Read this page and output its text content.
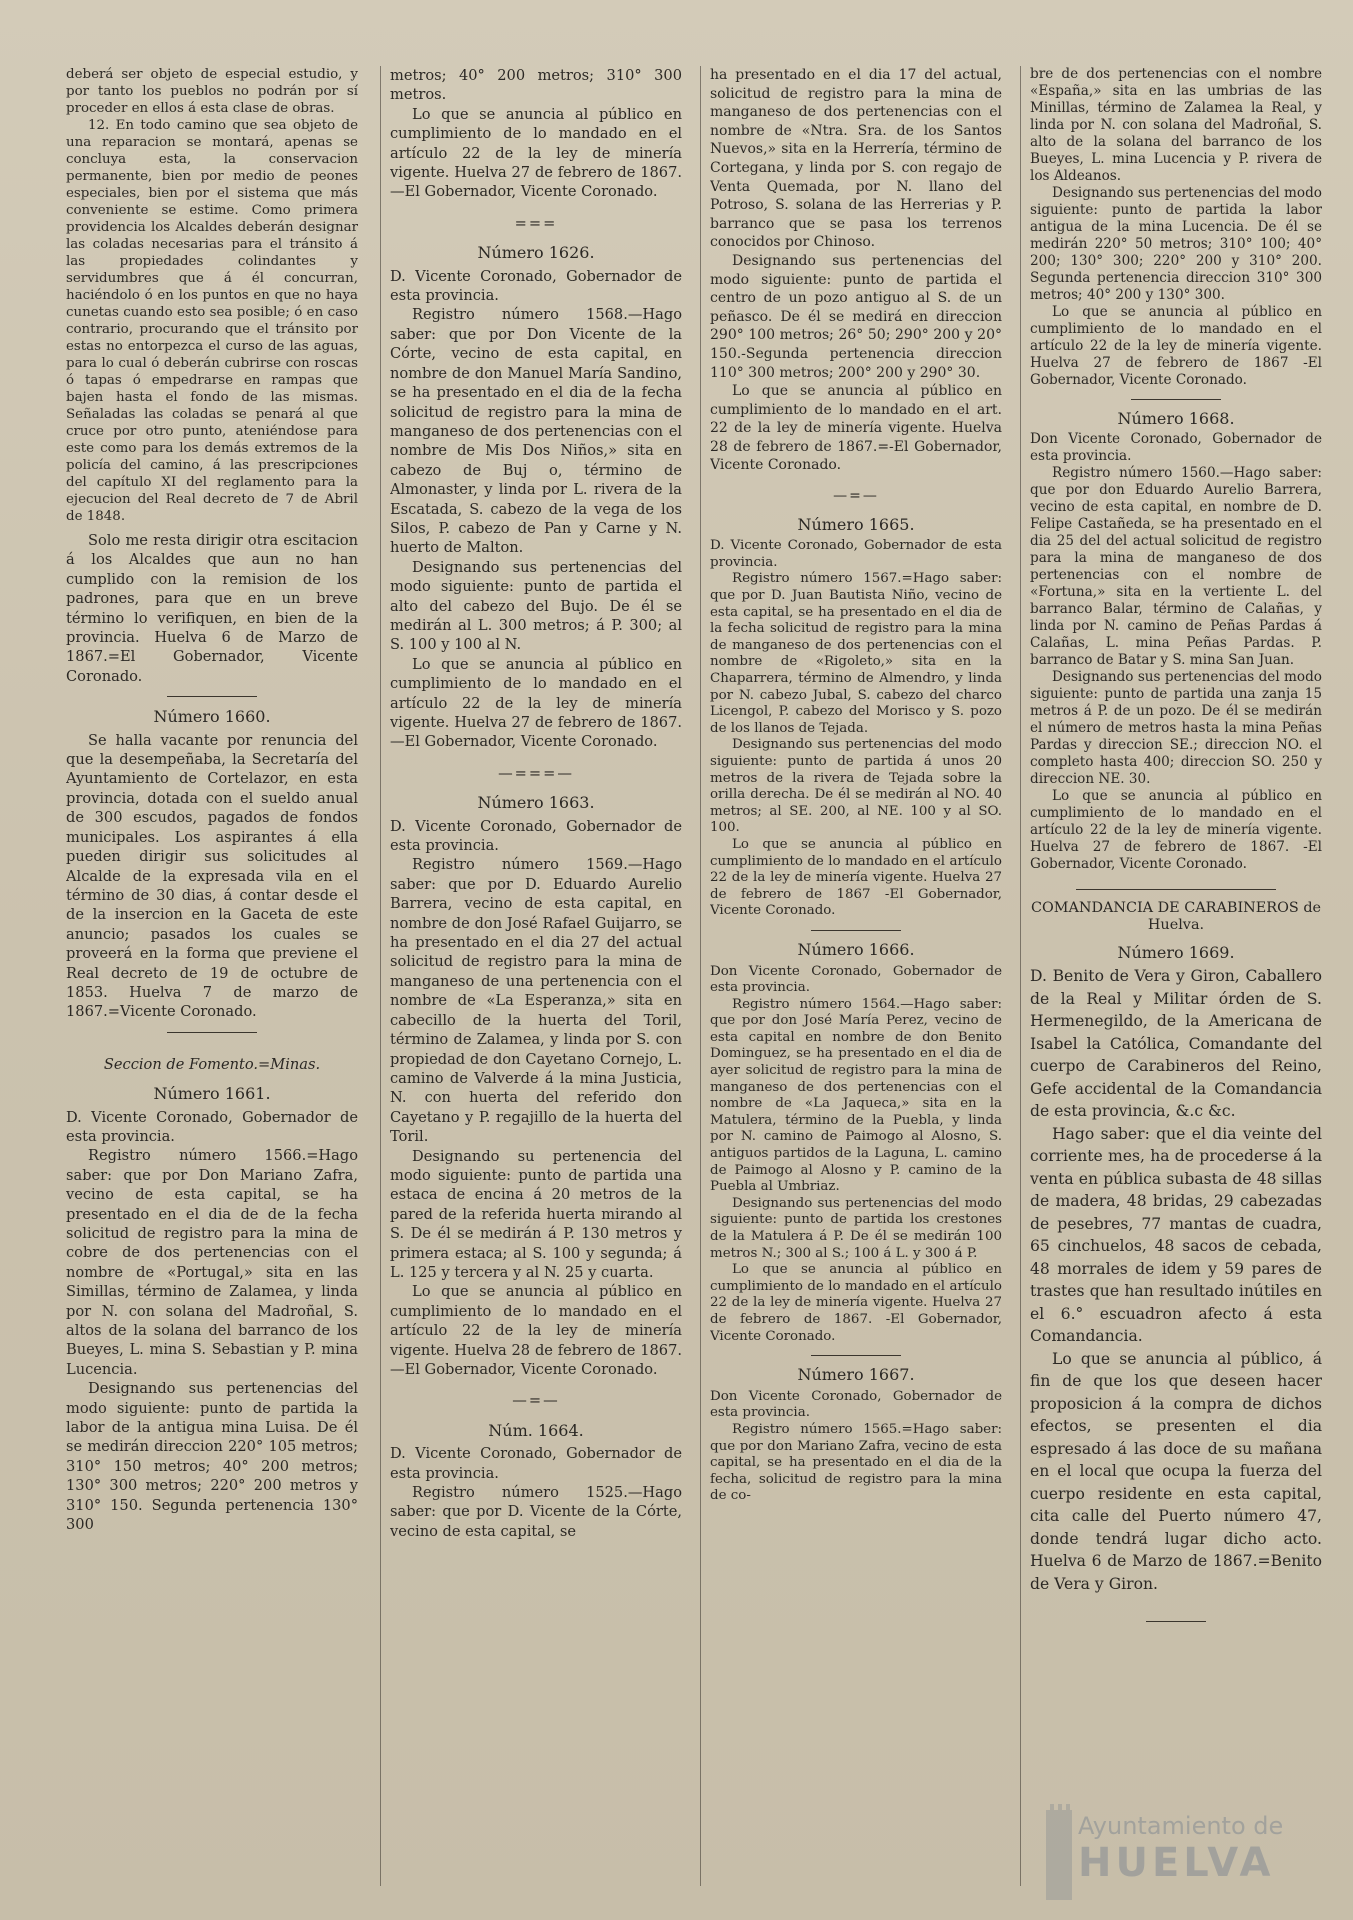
deberá ser objeto de especial estudio, y por tanto los pueblos no podrán por sí proceder en ellos á esta clase de obras.

12. En todo camino que sea objeto de una reparacion se montará, apenas se concluya esta, la conservacion permanente, bien por medio de peones especiales, bien por el sistema que más conveniente se estime. Como primera providencia los Alcaldes deberán designar las coladas necesarias para el tránsito á las propiedades colindantes y servidumbres que á él concurran, haciéndolo ó en los puntos en que no haya cunetas cuando esto sea posible; ó en caso contrario, procurando que el tránsito por estas no entorpezca el curso de las aguas, para lo cual ó deberán cubrirse con roscas ó tapas ó empedrarse en rampas que bajen hasta el fondo de las mismas. Señaladas las coladas se penará al que cruce por otro punto, ateniéndose para este como para los demás extremos de la policía del camino, á las prescripciones del capítulo XI del reglamento para la ejecucion del Real decreto de 7 de Abril de 1848.

Solo me resta dirigir otra escitacion á los Alcaldes que aun no han cumplido con la remision de los padrones, para que en un breve término lo verifiquen, en bien de la provincia. Huelva 6 de Marzo de 1867.=El Gobernador, Vicente Coronado.

Número 1660.

Se halla vacante por renuncia del que la desempeñaba, la Secretaría del Ayuntamiento de Cortelazor, en esta provincia, dotada con el sueldo anual de 300 escudos, pagados de fondos municipales. Los aspirantes á ella pueden dirigir sus solicitudes al Alcalde de la expresada vila en el término de 30 dias, á contar desde el de la insercion en la Gaceta de este anuncio; pasados los cuales se proveerá en la forma que previene el Real decreto de 19 de octubre de 1853. Huelva 7 de marzo de 1867.=Vicente Coronado.

Seccion de Fomento.=Minas.

Número 1661.

D. Vicente Coronado, Gobernador de esta provincia.

Registro número 1566.=Hago saber: que por Don Mariano Zafra, vecino de esta capital, se ha presentado en el dia de de la fecha solicitud de registro para la mina de cobre de dos pertenencias con el nombre de «Portugal,» sita en las Simillas, término de Zalamea, y linda por N. con solana del Madroñal, S. altos de la solana del barranco de los Bueyes, L. mina S. Sebastian y P. mina Lucencia.

Designando sus pertenencias del modo siguiente: punto de partida la labor de la antigua mina Luisa. De él se medirán direccion 220° 105 metros; 310° 150 metros; 40° 200 metros; 130° 300 metros; 220° 200 metros y 310° 150. Segunda pertenencia 130° 300

metros; 40° 200 metros; 310° 300 metros.

Lo que se anuncia al público en cumplimiento de lo mandado en el artículo 22 de la ley de minería vigente. Huelva 27 de febrero de 1867.—El Gobernador, Vicente Coronado.

===

Número 1626.

D. Vicente Coronado, Gobernador de esta provincia.

Registro número 1568.—Hago saber: que por Don Vicente de la Córte, vecino de esta capital, en nombre de don Manuel María Sandino, se ha presentado en el dia de la fecha solicitud de registro para la mina de manganeso de dos pertenencias con el nombre de Mis Dos Niños,» sita en cabezo de Buj o, término de Almonaster, y linda por L. rivera de la Escatada, S. cabezo de la vega de los Silos, P. cabezo de Pan y Carne y N. huerto de Malton.

Designando sus pertenencias del modo siguiente: punto de partida el alto del cabezo del Bujo. De él se medirán al L. 300 metros; á P. 300; al S. 100 y 100 al N.

Lo que se anuncia al público en cumplimiento de lo mandado en el artículo 22 de la ley de minería vigente. Huelva 27 de febrero de 1867.—El Gobernador, Vicente Coronado.

—===—

Número 1663.

D. Vicente Coronado, Gobernador de esta provincia.

Registro número 1569.—Hago saber: que por D. Eduardo Aurelio Barrera, vecino de esta capital, en nombre de don José Rafael Guijarro, se ha presentado en el dia 27 del actual solicitud de registro para la mina de manganeso de una pertenencia con el nombre de «La Esperanza,» sita en cabecillo de la huerta del Toril, término de Zalamea, y linda por S. con propiedad de don Cayetano Cornejo, L. camino de Valverde á la mina Justicia, N. con huerta del referido don Cayetano y P. regajillo de la huerta del Toril.

Designando su pertenencia del modo siguiente: punto de partida una estaca de encina á 20 metros de la pared de la referida huerta mirando al S. De él se medirán á P. 130 metros y primera estaca; al S. 100 y segunda; á L. 125 y tercera y al N. 25 y cuarta.

Lo que se anuncia al público en cumplimiento de lo mandado en el artículo 22 de la ley de minería vigente. Huelva 28 de febrero de 1867.—El Gobernador, Vicente Coronado.

—=—

Núm. 1664.

D. Vicente Coronado, Gobernador de esta provincia.

Registro número 1525.—Hago saber: que por D. Vicente de la Córte, vecino de esta capital, se

ha presentado en el dia 17 del actual, solicitud de registro para la mina de manganeso de dos pertenencias con el nombre de «Ntra. Sra. de los Santos Nuevos,» sita en la Herrería, término de Cortegana, y linda por S. con regajo de Venta Quemada, por N. llano del Potroso, S. solana de las Herrerias y P. barranco que se pasa los terrenos conocidos por Chinoso.

Designando sus pertenencias del modo siguiente: punto de partida el centro de un pozo antiguo al S. de un peñasco. De él se medirá en direccion 290° 100 metros; 26° 50; 290° 200 y 20° 150.-Segunda pertenencia direccion 110° 300 metros; 200° 200 y 290° 30.

Lo que se anuncia al público en cumplimiento de lo mandado en el art. 22 de la ley de minería vigente. Huelva 28 de febrero de 1867.=-El Gobernador, Vicente Coronado.

—=—

Número 1665.

D. Vicente Coronado, Gobernador de esta provincia.

Registro número 1567.=Hago saber: que por D. Juan Bautista Niño, vecino de esta capital, se ha presentado en el dia de la fecha solicitud de registro para la mina de manganeso de dos pertenencias con el nombre de «Rigoleto,» sita en la Chaparrera, término de Almendro, y linda por N. cabezo Jubal, S. cabezo del charco Licengol, P. cabezo del Morisco y S. pozo de los llanos de Tejada.

Designando sus pertenencias del modo siguiente: punto de partida á unos 20 metros de la rivera de Tejada sobre la orilla derecha. De él se medirán al NO. 40 metros; al SE. 200, al NE. 100 y al SO. 100.

Lo que se anuncia al público en cumplimiento de lo mandado en el artículo 22 de la ley de minería vigente. Huelva 27 de febrero de 1867 -El Gobernador, Vicente Coronado.

Número 1666.

Don Vicente Coronado, Gobernador de esta provincia.

Registro número 1564.—Hago saber: que por don José María Perez, vecino de esta capital en nombre de don Benito Dominguez, se ha presentado en el dia de ayer solicitud de registro para la mina de manganeso de dos pertenencias con el nombre de «La Jaqueca,» sita en la Matulera, término de la Puebla, y linda por N. camino de Paimogo al Alosno, S. antiguos partidos de la Laguna, L. camino de Paimogo al Alosno y P. camino de la Puebla al Umbriaz.

Designando sus pertenencias del modo siguiente: punto de partida los crestones de la Matulera á P. De él se medirán 100 metros N.; 300 al S.; 100 á L. y 300 á P.

Lo que se anuncia al público en cumplimiento de lo mandado en el artículo 22 de la ley de minería vigente. Huelva 27 de febrero de 1867. -El Gobernador, Vicente Coronado.

Número 1667.

Don Vicente Coronado, Gobernador de esta provincia.

Registro número 1565.=Hago saber: que por don Mariano Zafra, vecino de esta capital, se ha presentado en el dia de la fecha, solicitud de registro para la mina de co-

bre de dos pertenencias con el nombre «España,» sita en las umbrias de las Minillas, término de Zalamea la Real, y linda por N. con solana del Madroñal, S. alto de la solana del barranco de los Bueyes, L. mina Lucencia y P. rivera de los Aldeanos.

Designando sus pertenencias del modo siguiente: punto de partida la labor antigua de la mina Lucencia. De él se medirán 220° 50 metros; 310° 100; 40° 200; 130° 300; 220° 200 y 310° 200. Segunda pertenencia direccion 310° 300 metros; 40° 200 y 130° 300.

Lo que se anuncia al público en cumplimiento de lo mandado en el artículo 22 de la ley de minería vigente. Huelva 27 de febrero de 1867 -El Gobernador, Vicente Coronado.

Número 1668.

Don Vicente Coronado, Gobernador de esta provincia.

Registro número 1560.—Hago saber: que por don Eduardo Aurelio Barrera, vecino de esta capital, en nombre de D. Felipe Castañeda, se ha presentado en el dia 25 del del actual solicitud de registro para la mina de manganeso de dos pertenencias con el nombre de «Fortuna,» sita en la vertiente L. del barranco Balar, término de Calañas, y linda por N. camino de Peñas Pardas á Calañas, L. mina Peñas Pardas. P. barranco de Batar y S. mina San Juan.

Designando sus pertenencias del modo siguiente: punto de partida una zanja 15 metros á P. de un pozo. De él se medirán el número de metros hasta la mina Peñas Pardas y direccion SE.; direccion NO. el completo hasta 400; direccion SO. 250 y direccion NE. 30.

Lo que se anuncia al público en cumplimiento de lo mandado en el artículo 22 de la ley de minería vigente. Huelva 27 de febrero de 1867. -El Gobernador, Vicente Coronado.

COMANDANCIA DE CARABINEROS de Huelva.

Número 1669.

D. Benito de Vera y Giron, Caballero de la Real y Militar órden de S. Hermenegildo, de la Americana de Isabel la Católica, Comandante del cuerpo de Carabineros del Reino, Gefe accidental de la Comandancia de esta provincia, &.c &c.

Hago saber: que el dia veinte del corriente mes, ha de procederse á la venta en pública subasta de 48 sillas de madera, 48 bridas, 29 cabezadas de pesebres, 77 mantas de cuadra, 65 cinchuelos, 48 sacos de cebada, 48 morrales de idem y 59 pares de trastes que han resultado inútiles en el 6.° escuadron afecto á esta Comandancia.

Lo que se anuncia al público, á fin de que los que deseen hacer proposicion á la compra de dichos efectos, se presenten el dia espresado á las doce de su mañana en el local que ocupa la fuerza del cuerpo residente en esta capital, cita calle del Puerto número 47, donde tendrá lugar dicho acto. Huelva 6 de Marzo de 1867.=Benito de Vera y Giron.

Ayuntamiento de
HUELVA
